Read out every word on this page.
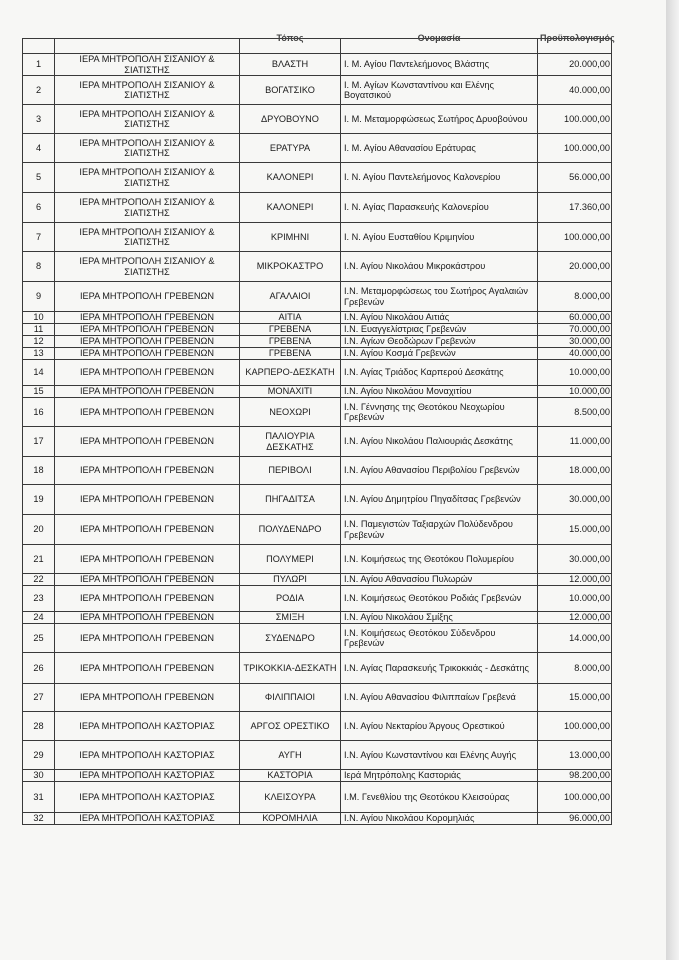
		Τόπος	Ονομασία	Προϋπολογισμός

1	ΙΕΡΑ ΜΗΤΡΟΠΟΛΗ ΣΙΣΑΝΙΟΥ & ΣΙΑΤΙΣΤΗΣ	ΒΛΑΣΤΗ	Ι. Μ. Αγίου Παντελεήμονος Βλάστης	20.000,00
2	ΙΕΡΑ ΜΗΤΡΟΠΟΛΗ ΣΙΣΑΝΙΟΥ & ΣΙΑΤΙΣΤΗΣ	ΒΟΓΑΤΣΙΚΟ	Ι. Μ. Αγίων Κωνσταντίνου και Ελένης Βογατσικού	40.000,00
3	ΙΕΡΑ ΜΗΤΡΟΠΟΛΗ ΣΙΣΑΝΙΟΥ & ΣΙΑΤΙΣΤΗΣ	ΔΡΥΟΒΟΥΝΟ	Ι. Μ. Μεταμορφώσεως Σωτήρος Δρυοβούνου	100.000,00
4	ΙΕΡΑ ΜΗΤΡΟΠΟΛΗ ΣΙΣΑΝΙΟΥ & ΣΙΑΤΙΣΤΗΣ	ΕΡΑΤΥΡΑ	Ι. Μ. Αγίου Αθανασίου Εράτυρας	100.000,00
5	ΙΕΡΑ ΜΗΤΡΟΠΟΛΗ ΣΙΣΑΝΙΟΥ & ΣΙΑΤΙΣΤΗΣ	ΚΑΛΟΝΕΡΙ	Ι. Ν. Αγίου Παντελεήμονος Καλονερίου	56.000,00
6	ΙΕΡΑ ΜΗΤΡΟΠΟΛΗ ΣΙΣΑΝΙΟΥ & ΣΙΑΤΙΣΤΗΣ	ΚΑΛΟΝΕΡΙ	Ι. Ν. Αγίας Παρασκευής Καλονερίου	17.360,00
7	ΙΕΡΑ ΜΗΤΡΟΠΟΛΗ ΣΙΣΑΝΙΟΥ & ΣΙΑΤΙΣΤΗΣ	ΚΡΙΜΗΝΙ	Ι. Ν. Αγίου Ευσταθίου Κριμηνίου	100.000,00
8	ΙΕΡΑ ΜΗΤΡΟΠΟΛΗ ΣΙΣΑΝΙΟΥ & ΣΙΑΤΙΣΤΗΣ	ΜΙΚΡΟΚΑΣΤΡΟ	Ι.Ν. Αγίου Νικολάου Μικροκάστρου	20.000,00
9	ΙΕΡΑ ΜΗΤΡΟΠΟΛΗ ΓΡΕΒΕΝΩΝ	ΑΓΑΛΑΙΟΙ	Ι.Ν. Μεταμορφώσεως του Σωτήρος Αγαλαιών Γρεβενών	8.000,00
10	ΙΕΡΑ ΜΗΤΡΟΠΟΛΗ ΓΡΕΒΕΝΩΝ	ΑΙΤΙΑ	Ι.Ν. Αγίου Νικολάου Αιτιάς	60.000,00
11	ΙΕΡΑ ΜΗΤΡΟΠΟΛΗ ΓΡΕΒΕΝΩΝ	ΓΡΕΒΕΝΑ	Ι.Ν. Ευαγγελίστριας Γρεβενών	70.000,00
12	ΙΕΡΑ ΜΗΤΡΟΠΟΛΗ ΓΡΕΒΕΝΩΝ	ΓΡΕΒΕΝΑ	Ι.Ν. Αγίων Θεοδώρων Γρεβενών	30.000,00
13	ΙΕΡΑ ΜΗΤΡΟΠΟΛΗ ΓΡΕΒΕΝΩΝ	ΓΡΕΒΕΝΑ	Ι.Ν. Αγίου Κοσμά Γρεβενών	40.000,00
14	ΙΕΡΑ ΜΗΤΡΟΠΟΛΗ ΓΡΕΒΕΝΩΝ	ΚΑΡΠΕΡΟ-ΔΕΣΚΑΤΗ	Ι.Ν. Αγίας Τριάδος Καρπερού Δεσκάτης	10.000,00
15	ΙΕΡΑ ΜΗΤΡΟΠΟΛΗ ΓΡΕΒΕΝΩΝ	ΜΟΝΑΧΙΤΙ	Ι.Ν. Αγίου Νικολάου Μοναχιτίου	10.000,00
16	ΙΕΡΑ ΜΗΤΡΟΠΟΛΗ ΓΡΕΒΕΝΩΝ	ΝΕΟΧΩΡΙ	Ι.Ν. Γέννησης της Θεοτόκου Νεοχωρίου Γρεβενών	8.500,00
17	ΙΕΡΑ ΜΗΤΡΟΠΟΛΗ ΓΡΕΒΕΝΩΝ	ΠΑΛΙΟΥΡΙΑ ΔΕΣΚΑΤΗΣ	Ι.Ν. Αγίου Νικολάου Παλιουριάς Δεσκάτης	11.000,00
18	ΙΕΡΑ ΜΗΤΡΟΠΟΛΗ ΓΡΕΒΕΝΩΝ	ΠΕΡΙΒΟΛΙ	Ι.Ν. Αγίου Αθανασίου Περιβολίου Γρεβενών	18.000,00
19	ΙΕΡΑ ΜΗΤΡΟΠΟΛΗ ΓΡΕΒΕΝΩΝ	ΠΗΓΑΔΙΤΣΑ	Ι.Ν. Αγίου Δημητρίου Πηγαδίτσας Γρεβενών	30.000,00
20	ΙΕΡΑ ΜΗΤΡΟΠΟΛΗ ΓΡΕΒΕΝΩΝ	ΠΟΛΥΔΕΝΔΡΟ	Ι.Ν. Παμεγιστών Ταξιαρχών Πολύδενδρου Γρεβενών	15.000,00
21	ΙΕΡΑ ΜΗΤΡΟΠΟΛΗ ΓΡΕΒΕΝΩΝ	ΠΟΛΥΜΕΡΙ	Ι.Ν. Κοιμήσεως της Θεοτόκου Πολυμερίου	30.000,00
22	ΙΕΡΑ ΜΗΤΡΟΠΟΛΗ ΓΡΕΒΕΝΩΝ	ΠΥΛΩΡΙ	Ι.Ν. Αγίου Αθανασίου Πυλωρών	12.000,00
23	ΙΕΡΑ ΜΗΤΡΟΠΟΛΗ ΓΡΕΒΕΝΩΝ	ΡΟΔΙΑ	Ι.Ν. Κοιμήσεως Θεοτόκου Ροδιάς Γρεβενών	10.000,00
24	ΙΕΡΑ ΜΗΤΡΟΠΟΛΗ ΓΡΕΒΕΝΩΝ	ΣΜΙΞΗ	Ι.Ν. Αγίου Νικολάου Σμίξης	12.000,00
25	ΙΕΡΑ ΜΗΤΡΟΠΟΛΗ ΓΡΕΒΕΝΩΝ	ΣΥΔΕΝΔΡΟ	Ι.Ν. Κοιμήσεως Θεοτόκου Σύδενδρου Γρεβενών	14.000,00
26	ΙΕΡΑ ΜΗΤΡΟΠΟΛΗ ΓΡΕΒΕΝΩΝ	ΤΡΙΚΟΚΚΙΑ-ΔΕΣΚΑΤΗ	Ι.Ν. Αγίας Παρασκευής Τρικοκκιάς - Δεσκάτης	8.000,00
27	ΙΕΡΑ ΜΗΤΡΟΠΟΛΗ ΓΡΕΒΕΝΩΝ	ΦΙΛΙΠΠΑΙΟΙ	Ι.Ν. Αγίου Αθανασίου Φιλιππαίων Γρεβενά	15.000,00
28	ΙΕΡΑ ΜΗΤΡΟΠΟΛΗ ΚΑΣΤΟΡΙΑΣ	ΑΡΓΟΣ ΟΡΕΣΤΙΚΟ	Ι.Ν. Αγίου Νεκταρίου Άργους Ορεστικού	100.000,00
29	ΙΕΡΑ ΜΗΤΡΟΠΟΛΗ ΚΑΣΤΟΡΙΑΣ	ΑΥΓΗ	Ι.Ν. Αγίου Κωνσταντίνου και Ελένης Αυγής	13.000,00
30	ΙΕΡΑ ΜΗΤΡΟΠΟΛΗ ΚΑΣΤΟΡΙΑΣ	ΚΑΣΤΟΡΙΑ	Ιερά Μητρόπολης Καστοριάς	98.200,00
31	ΙΕΡΑ ΜΗΤΡΟΠΟΛΗ ΚΑΣΤΟΡΙΑΣ	ΚΛΕΙΣΟΥΡΑ	Ι.Μ. Γενεθλίου της Θεοτόκου Κλεισούρας	100.000,00
32	ΙΕΡΑ ΜΗΤΡΟΠΟΛΗ ΚΑΣΤΟΡΙΑΣ	ΚΟΡΟΜΗΛΙΑ	Ι.Ν. Αγίου Νικολάου Κορομηλιάς	96.000,00
